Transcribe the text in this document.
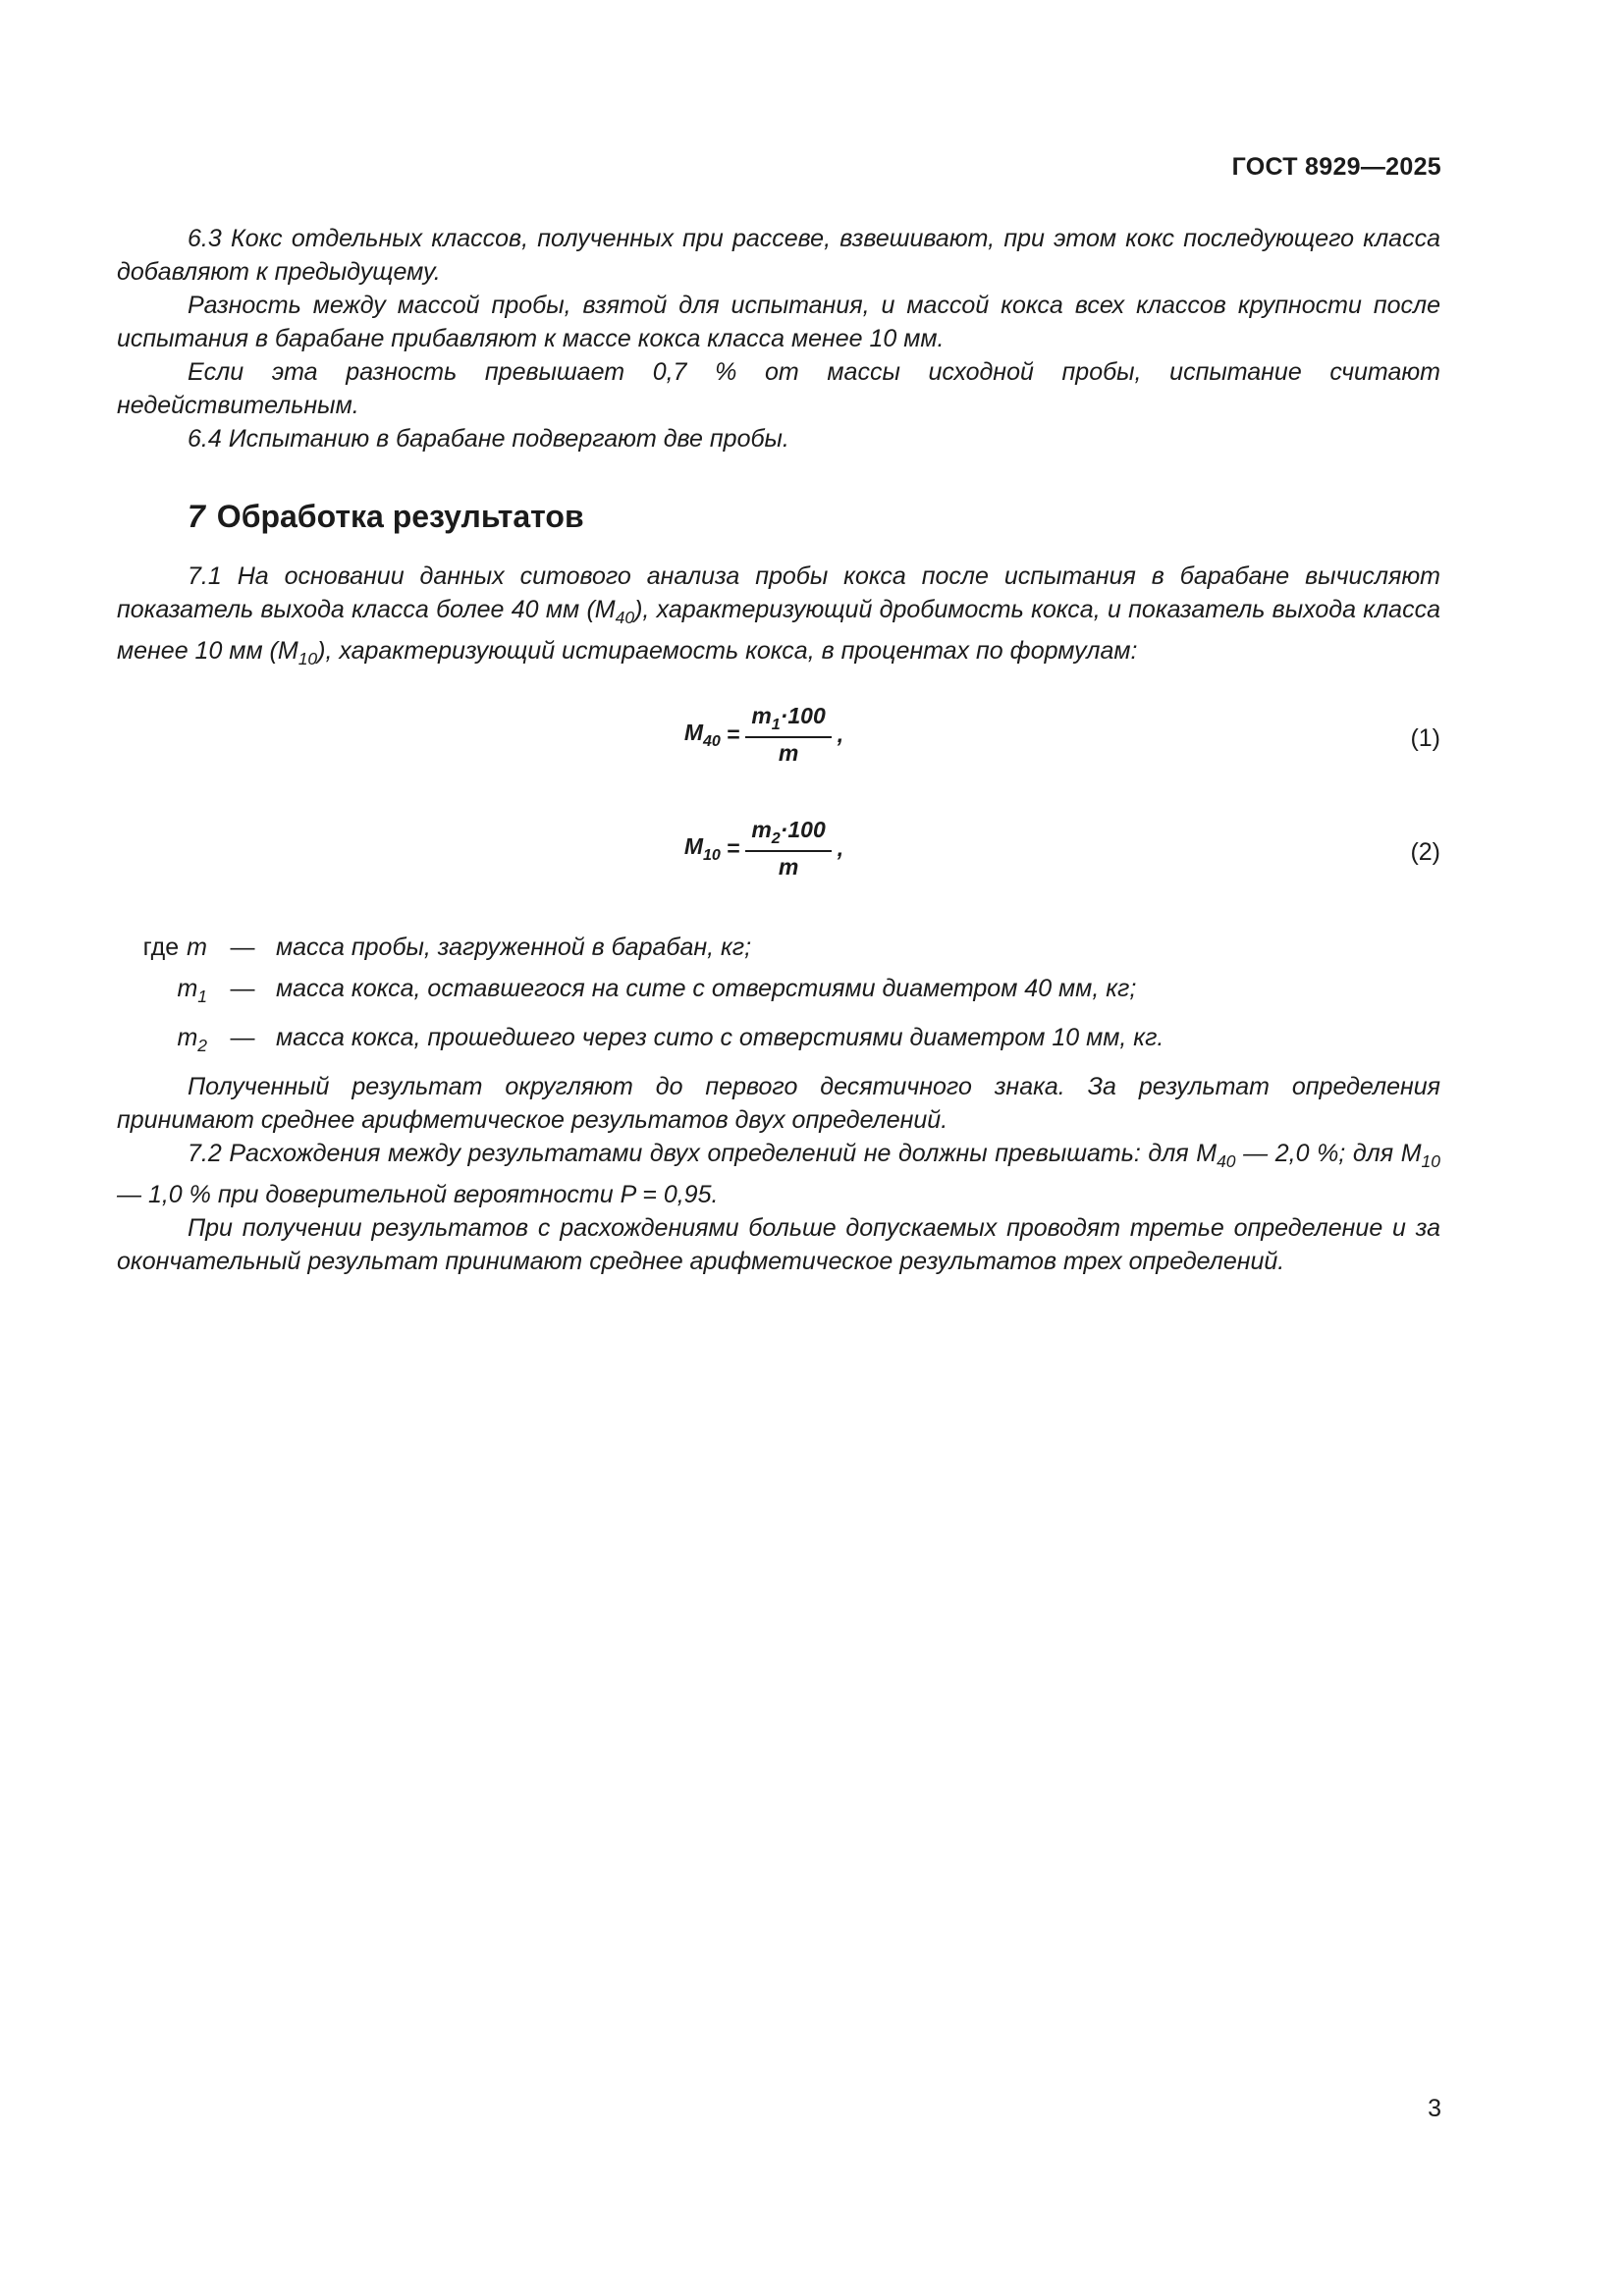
ГОСТ 8929—2025

6.3 Кокс отдельных классов, полученных при рассеве, взвешивают, при этом кокс последующего класса добавляют к предыдущему.

Разность между массой пробы, взятой для испытания, и массой кокса всех классов крупности после испытания в барабане прибавляют к массе кокса класса менее 10 мм.

Если эта разность превышает 0,7 % от массы исходной пробы, испытание считают недействительным.

6.4 Испытанию в барабане подвергают две пробы.

7 Обработка результатов

7.1 На основании данных ситового анализа пробы кокса после испытания в барабане вычисляют показатель выхода класса более 40 мм $(M_{40})$, характеризующий дробимость кокса, и показатель выхода класса менее 10 мм $(M_{10})$, характеризующий истираемость кокса, в процентах по формулам:

$M_{40} = \frac{m_1\cdot 100}{m}$ ,	(1)
$M_{10} = \frac{m_2\cdot 100}{m}$ ,	(2)
где m — масса пробы, загруженной в барабан, кг;
$m_1$ — масса кокса, оставшегося на сите с отверстиями диаметром 40 мм, кг;
$m_2$ — масса кокса, прошедшего через сито с отверстиями диаметром 10 мм, кг.

Полученный результат округляют до первого десятичного знака. За результат определения принимают среднее арифметическое результатов двух определений.

7.2 Расхождения между результатами двух определений не должны превышать: для $M_{40}$ — 2,0 %; для $M_{10}$ — 1,0 % при доверительной вероятности P = 0,95.

При получении результатов с расхождениями больше допускаемых проводят третье определение и за окончательный результат принимают среднее арифметическое результатов трех определений.

3
